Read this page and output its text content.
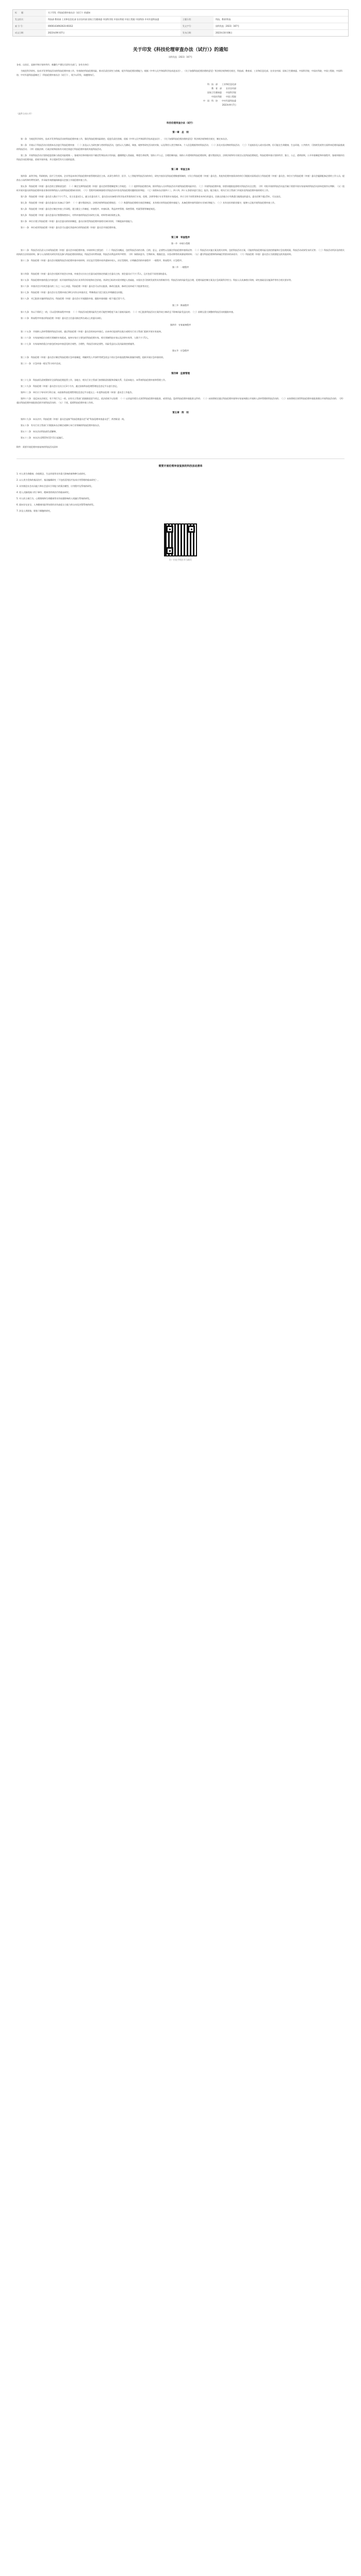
标　　题：	关于印发《科技伦理审查办法（试行）》的通知
发文机关：	科技部 教育部 工业和信息化部 农业农村部 国家卫生健康委 中国科学院 中国社科院 中国工程院 中国科协 中央军委科技委	主题分类：	科技、教育\科技
索 引 号：	000014349/2023-00312	发文字号：	国科发监〔2023〕167号
成文日期：	2023年09月07日	发布日期：	2023年10月08日
关于印发《科技伦理审查办法（试行）》的通知
国科发监〔2023〕167号

各省、自治区、直辖市和计划单列市、新疆生产建设兵团有关部门，各有关单位：

为规范科学研究、技术开发等科技活动的科技伦理审查工作，有效防控科技伦理风险，推动负责任研究与创新，提升科技伦理治理能力，根据《中华人民共和国科学技术进步法》、《关于加强科技伦理治理的意见》等法律法规和相关规定，科技部、教育部、工业和信息化部、农业农村部、国家卫生健康委、中国科学院、中国社科院、中国工程院、中国科协、中央军委科技委制定了《科技伦理审查办法（试行）》，现予以印发，请遵照执行。

科　技　部　　工业和信息化部
教　育　部　　农业农村部
国家卫生健康委　　中国科学院
中国社科院　　中国工程院
中　国　科　协　　中央军委科技委
2023年9月7日
（此件主动公开）
科技伦理审查办法（试行）
第一章　总　则

第一条　为规范科学研究、技术开发等科技活动的科技伦理审查工作，强化科技伦理风险防控，促进负责任创新，依据《中华人民共和国科学技术进步法》、《关于加强科技伦理治理的意见》等法律法规和相关规定，制定本办法。

第二条　开展以下科技活动应依照本办法进行科技伦理审查：（一）涉及以人为研究参与者的科技活动，包括以人为测试、调查、观察等研究活动的对象，以及利用人类生物样本、个人信息数据等的科技活动；（二）涉及实验动物的科技活动；（三）不直接涉及人或实验动物，但可能在生命健康、生态环境、公共秩序、可持续发展等方面带来伦理风险挑战的科技活动；（四）依据法律、行政法规和国家有关规定需进行科技伦理审查的其他科技活动。

第三条　开展科技活动应坚持促进创新与防范风险相统一，客观评估和审慎对待不确定性和技术应用风险，遵循增进人类福祉、尊重生命权利、坚持公平公正、合理控制风险、保持公开透明的科技伦理原则，遵守我国宪法、法律法规和有关规定以及科技伦理规范。科技伦理审查应坚持科学、独立、公正、透明原则，公开审查制度和审查程序，客观审慎评估科技活动伦理风险，依规开展审查，并自觉接受有关方面的监督。

第二章　审查主体

第四条　高等学校、科研机构、医疗卫生机构、企业等是本单位科技伦理审查管理的责任主体。从事生命科学、医学、人工智能等科技活动的单位，研究内容涉及科技伦理敏感领域的，应设立科技伦理（审查）委员会。其他有伦理审查需求的单位可根据实际情况设立科技伦理（审查）委员会。单位应为科技伦理（审查）委员会履职配备必要的工作人员、提供办公场所和经费等条件，并采取有效措施保障委员会独立开展伦理审查工作。

第五条　科技伦理（审查）委员会的主要职责包括：（一）制定完善科技伦理（审查）委员会的管理制度和工作规范；（二）提供科技伦理咨询，指导科技人员对科技活动开展科技伦理风险评估；（三）开展科技伦理审查，按要求跟踪监督相关科技活动全过程；（四）对拟开展的科技活动是否属于需要开展专家复核的科技活动清单范围作出判断；（五）组织开展对委员的科技伦理审查业务培训和科技人员的科技伦理知识培训；（六）受理并协助调查相关科技活动中涉及科技伦理问题的投诉举报；（七）按照本办法第四十三、四十四、四十五条要求进行登记、报告，配合地方、相关行业主管部门开展涉及科技伦理审查的相关工作。

第六条　科技伦理（审查）委员会人数应不少于7人，设主任委员1人，副主任委员若干。委员会由具备相关科学技术背景的同行专家，伦理、法律等相应专业背景的专家组成，并应当有不同性别和非本单位的委员，民族自治地方应有熟悉当地情况的委员。委员任期不超过5年，可以连任。

第七条　科技伦理（审查）委员会委员应具备以下条件：（一）遵守我国宪法、法律法规和科技伦理规范；（二）熟悉科技伦理相关规范和制度，具有相应的科技伦理审查能力，具备伦理审查所需的专业知识和能力；（三）具有良好的职业操守，能够公正地开展科技伦理审查工作。

第八条　科技伦理（审查）委员会应制定审查工作章程，建立健全工作制度、审查程序、审查标准、利益冲突管理、保密管理、档案管理等制度规范。

第九条　科技伦理（审查）委员会委员应签署保密协议，对所审查的科技活动研究方案、材料等承担保密义务。

第十条　单位应建立科技伦理（审查）委员会委员的培训制度。委员应接受科技伦理审查相关知识培训，不断提高审查能力。

第十一条　单位或其科技伦理（审查）委员会可以委托其他单位的科技伦理（审查）委员会开展伦理审查。

第三章　审查程序
第一节　申请与受理

第十二条　科技活动负责人应向科技伦理（审查）委员会申请伦理审查。申请材料主要包括：（一）科技活动概况，包括科技活动的名称、目的、意义、必要性以及既往科技伦理审查情况等；（二）科技活动实施方案及相关材料，包括科技活动方案，可能的科技伦理风险及防控措施和应急处理预案，科技活动成果发布形式等；（三）科技活动所涉及的相关机构的合法资质材料，参与人员的相关研究经验及参与科技伦理培训情况，科技活动经费来源，科技活动利益冲突声明等；（四）知情同意书、生物样本、数据信息、实验动物等的来源说明材料；（五）遵守科技伦理和科研诚信等要求的承诺书；（六）科技伦理（审查）委员会认为需要提交的其他材料。

第十三条　科技伦理（审查）委员会应根据科技活动伦理审查申请材料，决定是否受理申请并通知申请人。决定受理的，应明确适用的审查程序：一般程序、简易程序、应急程序。

第二节　一般程序

第十四条　科技伦理（审查）委员会应组织开展会议审查。审查会议应由主任委员或其指定的副主任委员主持，到会委员应不少于5人，且应包括不同类别的委员。

第十五条　科技伦理审查的重点内容包括：拟开展的科技活动应具有科学价值和社会价值，其研究目标的实现对增进人类福祉、实现社会可持续发展等具有积极作用；科技活动的风险受益合理，伦理风险控制方案及应急预案科学恰当；科技人员具备相应资格，研究基础及设施条件等符合相关要求等。

第十六条　审查决定应经到会委员的三分之二以上同意。科技伦理（审查）委员会可以作出批准、修改后批准、修改后再审或不予批准等决定。

第十七条　科技伦理（审查）委员会应在受理申请后30日内作出审查决定，特殊情况可适当延长并明确延长时限。

第十八条　对已批准实施的科技活动，科技伦理（审查）委员会应开展跟踪审查，跟踪审查间隔一般不超过12个月。

第三节　简易程序

第十九条　有以下情形之一的，可以适用简易程序审查：（一）科技活动伦理风险发生的可能性和程度不高于最低风险的；（二）对已批准科技活动方案作较小修改且不影响风险受益比的；（三）前期无重大调整的科技活动的跟踪审查。

第二十条　简易程序审查由科技伦理（审查）委员会主任委员指定两名或以上的委员承担。

第四节　专家复核程序

第二十五条　开展纳入清单管理的科技活动的，通过科技伦理（审查）委员会的初步审查后，由本单位报请所在地方或相关行业主管部门组织开展专家复核。

第二十六条　专家复核组应由相关领域的专家组成，复核专家应主要包括科技伦理专家、相关领域科技专家以及法律专家等，人数不少于5人。

第二十七条　专家复核的重点内容包括初步审查意见的合规性、合理性，科技活动的必要性、风险受益比以及风险防控措施等。

第五节　应急程序

第三十条　科技伦理（审查）委员会应制定科技伦理应急审查制度，明确突发公共事件等紧急状态下的应急审查流程和标准操作规程，组织开展应急审查培训。

第三十一条　应急审查一般在72小时内完成。

第四章　监督管理

第三十七条　科技部负责统筹指导全国科技伦理监管工作，各地方、相关行业主管部门按照职责权限和隶属关系，负责本地方、本系统科技伦理审查和管理工作。

第三十九条　科技伦理（审查）委员会应在设立后3个月内，通过国家科技伦理管理信息登记平台进行登记。

第四十三条　单位应于每年3月31日前，向国家科技伦理管理信息登记平台提交上一年度科技伦理（审查）委员会工作报告。

第四十六条　违反本办法规定，有下列行为之一的，由有关主管部门依据职责责令改正，依法依规予以处理：（一）以弄虚作假方式获得科技伦理审查批准，或者伪造、篡改科技伦理审查批准文件的；（二）未按照规定通过科技伦理审查和专家复核擅自开展纳入清单管理的科技活动的；（三）未按照规定获得科技伦理审查批准擅自开展科技活动的；（四）超出科技伦理审查批准范围开展科技活动的；（五）干扰、阻碍科技伦理审查工作的。

第五章　附　则

第四十九条　本办法中，科技伦理（审查）委员会是指“科技伦理委员会”或“科技伦理审查委员会”，两者职责一致。

第五十条　有关行业主管部门可根据本办法制定或修订本行业领域的科技伦理审查办法。

第五十二条　本办法由科技部负责解释。

第五十三条　本办法自2023年12月1日起施行。

附件：需要开展伦理审查复核的科技活动清单

需要开展伦理审查复核的科技活动清单

1. 对人类生命健康、价值理念、生态环境等具有重大影响的新物种合成研究。

2. 以人类为受体的基因治疗、基因编辑研究（不包括适用医疗技术应用管理的临床研究）。

3. 具有舆论社会动员能力和社会意识引导能力的算法模型、应用程序及系统的研发。

4. 侵入式脑机接口用于神经、精神类疾病治疗的临床研究。

5. 对人的主观行为、心理情绪和生命健康等具有较强影响的人机融合系统的研发。

6. 面向存在安全、人身健康风险等场景的具有高度自主能力的自动化决策系统的研发。

7. 涉及人类胚胎、胚胎干细胞的研究。

扫一扫在手机打开当前页
